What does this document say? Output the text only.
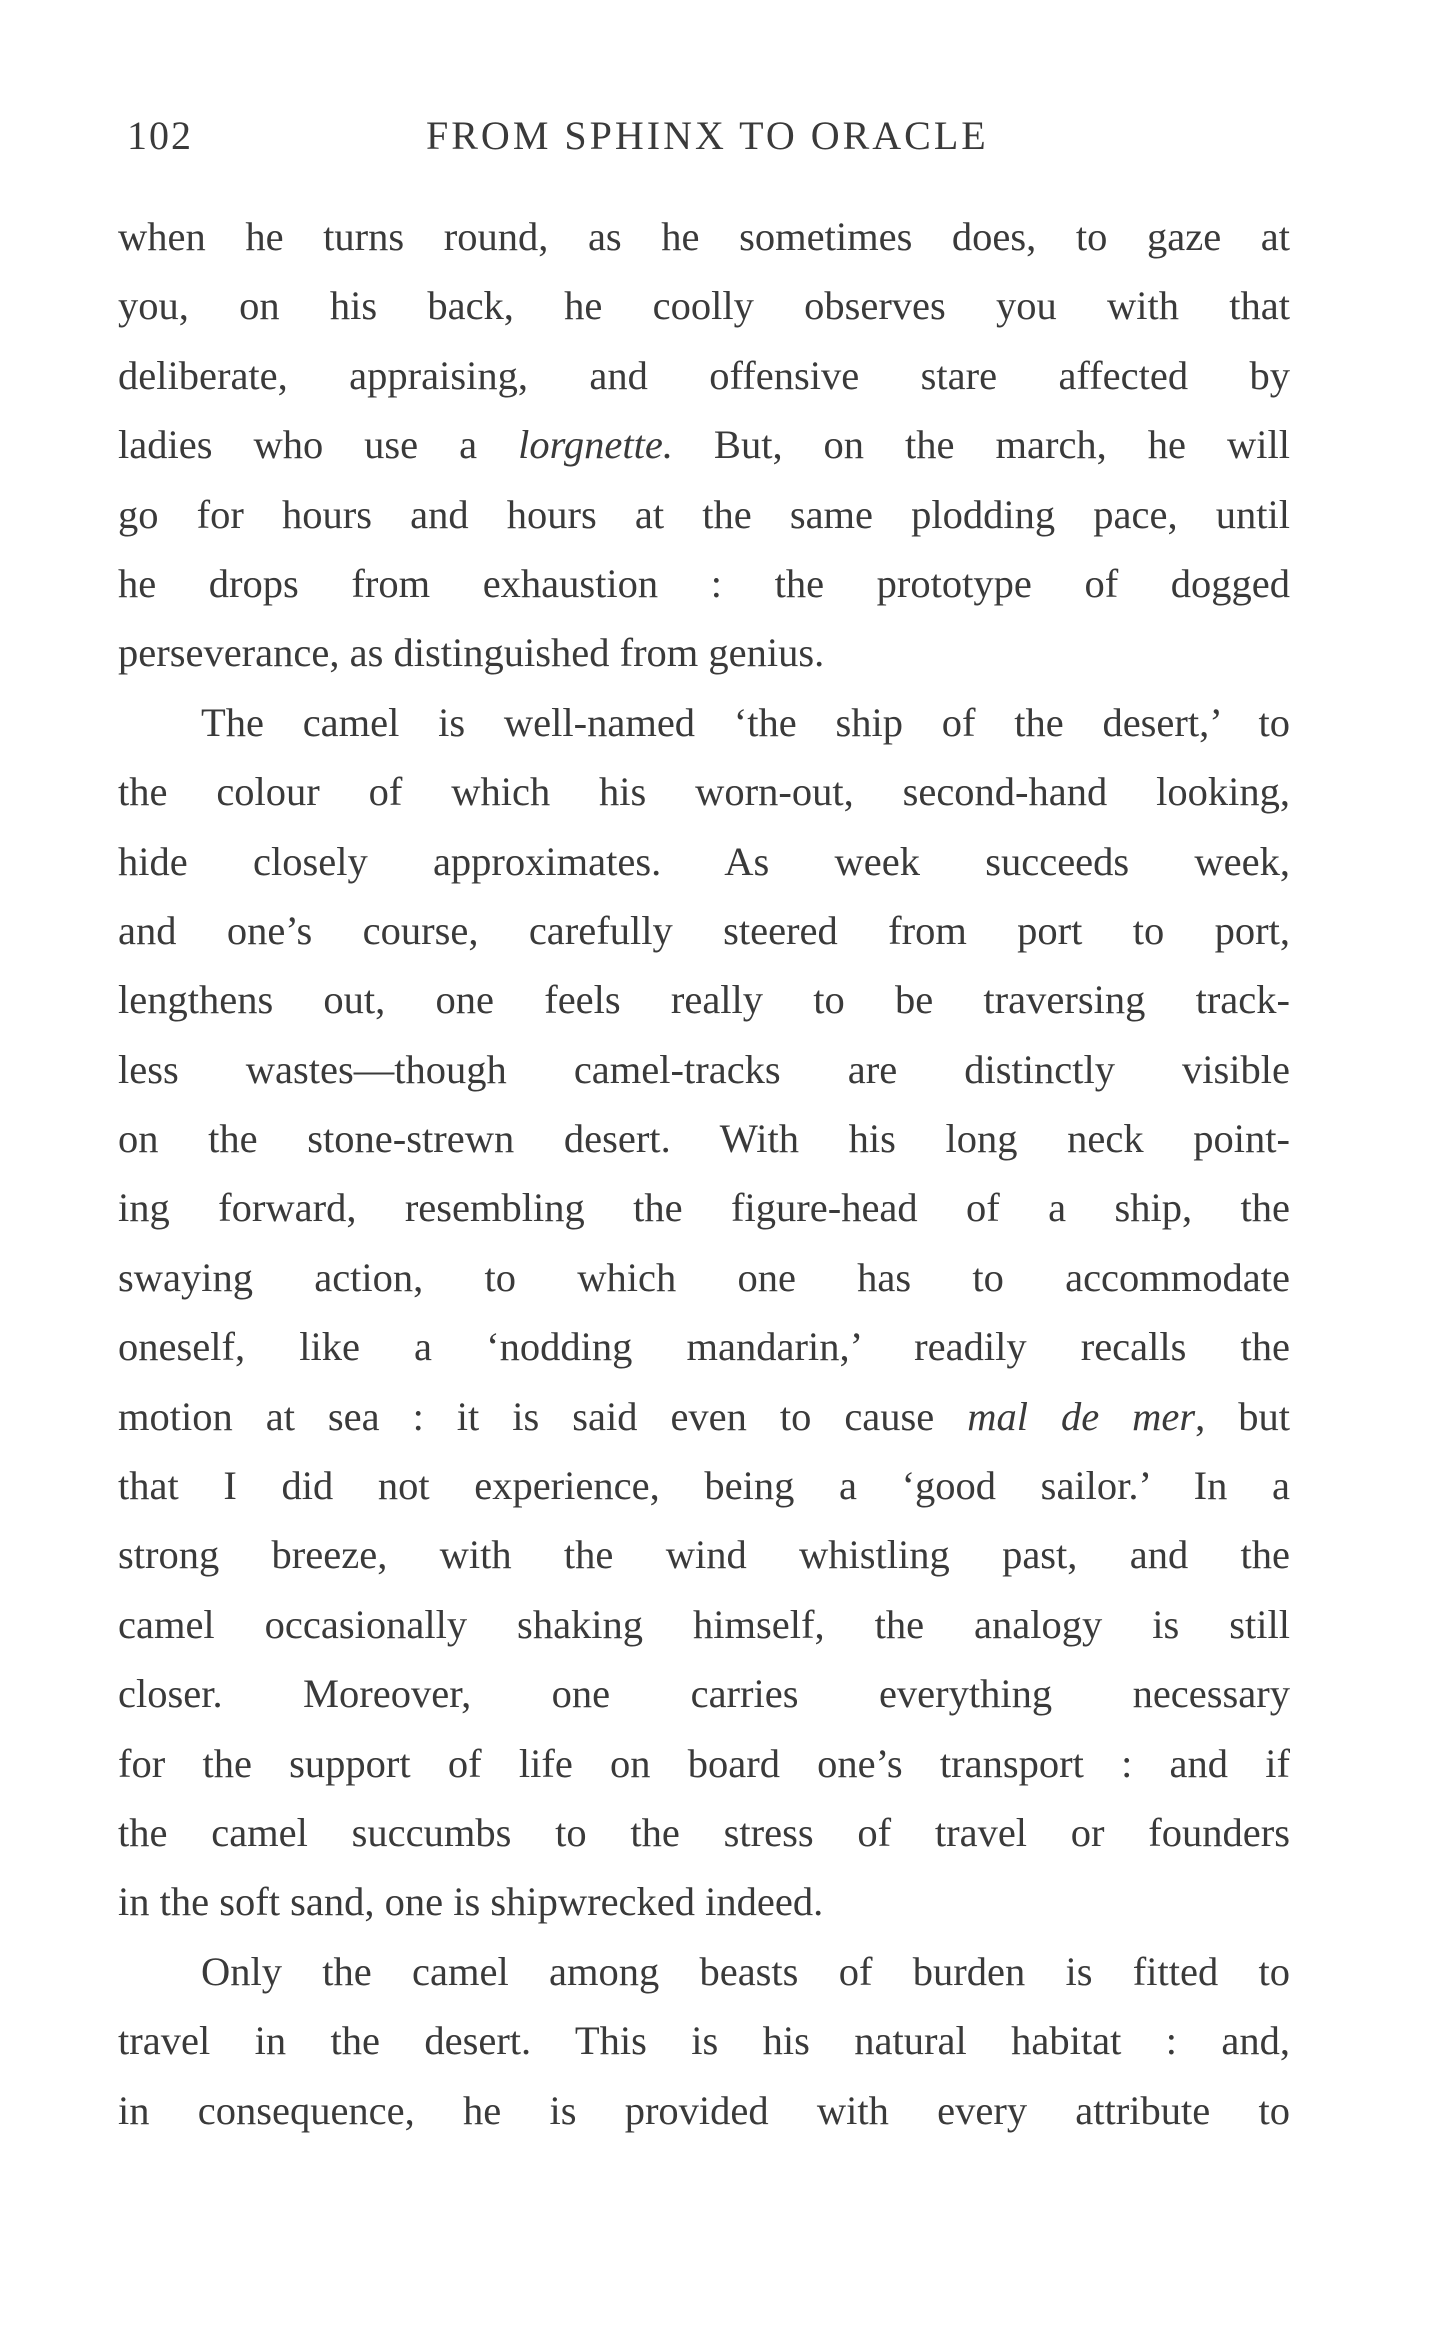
102	FROM SPHINX TO ORACLE
when he turns round, as he sometimes does, to gaze at
you, on his back, he coolly observes you with that
deliberate, appraising, and offensive stare affected by
ladies who use a lorgnette. But, on the march, he will
go for hours and hours at the same plodding pace, until
he drops from exhaustion : the prototype of dogged
perseverance, as distinguished from genius.
The camel is well-named ‘the ship of the desert,’ to
the colour of which his worn-out, second-hand looking,
hide closely approximates. As week succeeds week,
and one’s course, carefully steered from port to port,
lengthens out, one feels really to be traversing track-
less wastes—though camel-tracks are distinctly visible
on the stone-strewn desert. With his long neck point-
ing forward, resembling the figure-head of a ship, the
swaying action, to which one has to accommodate
oneself, like a ‘nodding mandarin,’ readily recalls the
motion at sea : it is said even to cause mal de mer, but
that I did not experience, being a ‘good sailor.’ In a
strong breeze, with the wind whistling past, and the
camel occasionally shaking himself, the analogy is still
closer. Moreover, one carries everything necessary
for the support of life on board one’s transport : and if
the camel succumbs to the stress of travel or founders
in the soft sand, one is shipwrecked indeed.
Only the camel among beasts of burden is fitted to
travel in the desert. This is his natural habitat : and,
in consequence, he is provided with every attribute to
